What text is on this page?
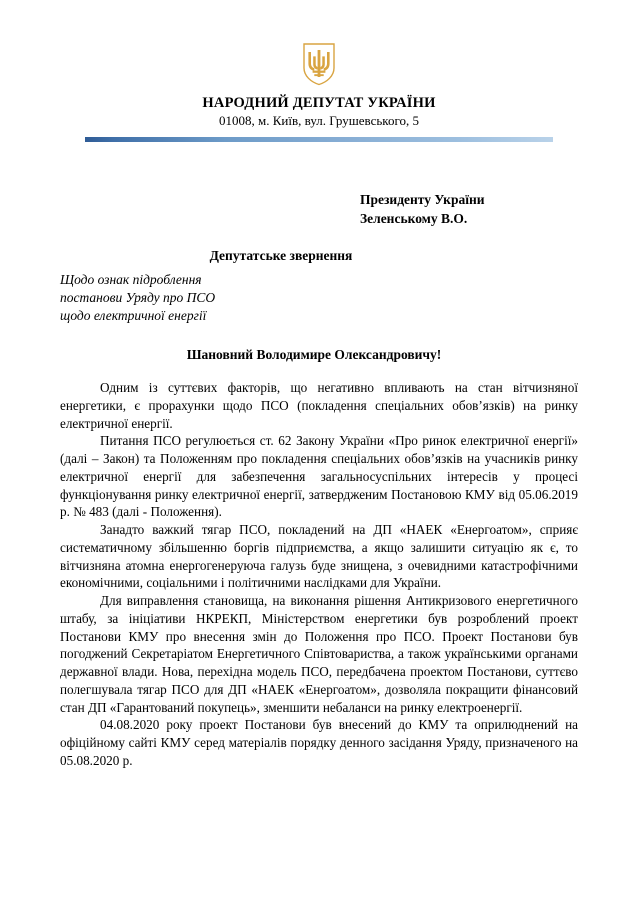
НАРОДНИЙ ДЕПУТАТ УКРАЇНИ
01008, м. Київ, вул. Грушевського, 5
Президенту України
Зеленському В.О.
Депутатське звернення
Щодо ознак підроблення
постанови Уряду про ПСО
щодо електричної енергії
Шановний Володимире Олександровичу!

Одним із суттєвих факторів, що негативно впливають на стан вітчизняної енергетики, є прорахунки щодо ПСО (покладення спеціальних обов’язків) на ринку електричної енергії.

Питання ПСО регулюється ст. 62 Закону України «Про ринок електричної енергії» (далі – Закон) та Положенням про покладення спеціальних обов’язків на учасників ринку електричної енергії для забезпечення загальносуспільних інтересів у процесі функціонування ринку електричної енергії, затвердженим Постановою КМУ від 05.06.2019 р. № 483 (далі - Положення).

Занадто важкий тягар ПСО, покладений на ДП «НАЕК «Енергоатом», сприяє систематичному збільшенню боргів підприємства, а якщо залишити ситуацію як є, то вітчизняна атомна енергогенеруюча галузь буде знищена, з очевидними катастрофічними економічними, соціальними і політичними наслідками для України.

Для виправлення становища, на виконання рішення Антикризового енергетичного штабу, за ініціативи НКРЕКП, Міністерством енергетики був розроблений проект Постанови КМУ про внесення змін до Положення про ПСО. Проект Постанови був погоджений Секретаріатом Енергетичного Співтовариства, а також українськими органами державної влади. Нова, перехідна модель ПСО, передбачена проектом Постанови, суттєво полегшувала тягар ПСО для ДП «НАЕК «Енергоатом», дозволяла покращити фінансовий стан ДП «Гарантований покупець», зменшити небаланси на ринку електроенергії.

04.08.2020 року проект Постанови був внесений до КМУ та оприлюднений на офіційному сайті КМУ серед матеріалів порядку денного засідання Уряду, призначеного на 05.08.2020 р.
